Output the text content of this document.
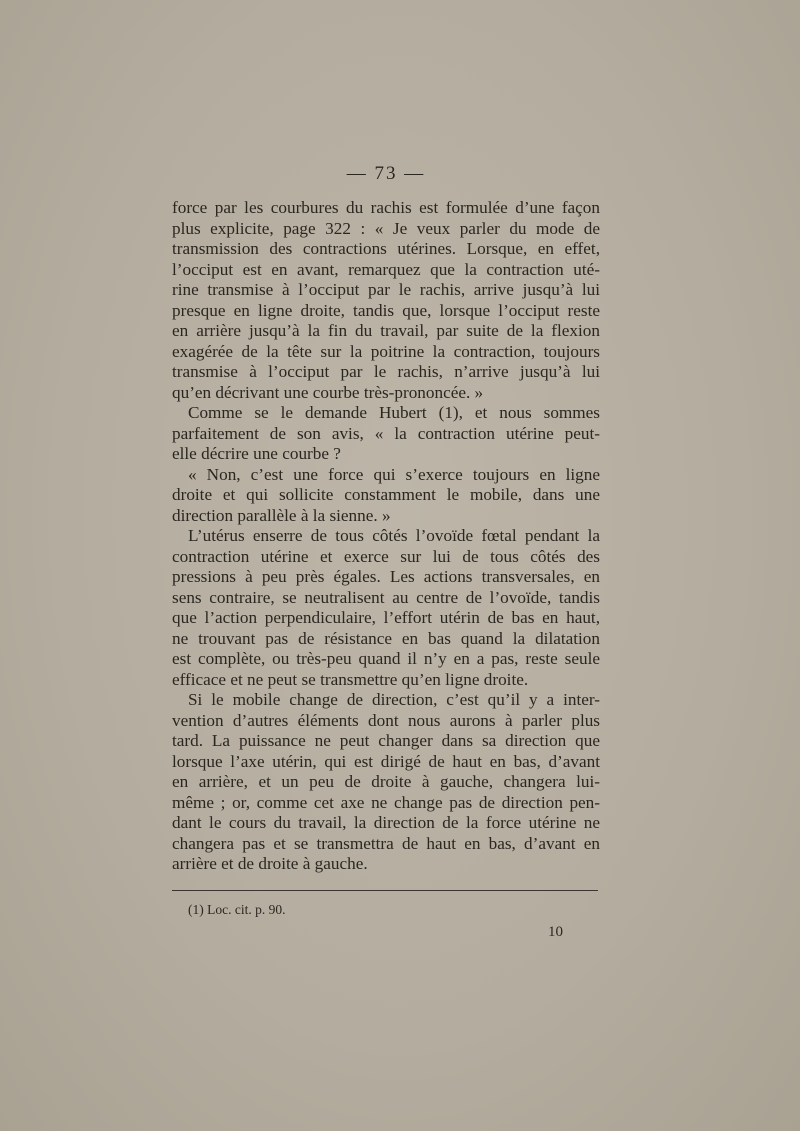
— 73 —
force par les courbures du rachis est formulée d’une façon
plus explicite, page 322 : « Je veux parler du mode de
transmission des contractions utérines. Lorsque, en effet,
l’occiput est en avant, remarquez que la contraction uté-
rine transmise à l’occiput par le rachis, arrive jusqu’à lui
presque en ligne droite, tandis que, lorsque l’occiput reste
en arrière jusqu’à la fin du travail, par suite de la flexion
exagérée de la tête sur la poitrine la contraction, toujours
transmise à l’occiput par le rachis, n’arrive jusqu’à lui
qu’en décrivant une courbe très-prononcée. »
Comme se le demande Hubert (1), et nous sommes
parfaitement de son avis, « la contraction utérine peut-
elle décrire une courbe ?
« Non, c’est une force qui s’exerce toujours en ligne
droite et qui sollicite constamment le mobile, dans une
direction parallèle à la sienne. »
L’utérus enserre de tous côtés l’ovoïde fœtal pendant la
contraction utérine et exerce sur lui de tous côtés des
pressions à peu près égales. Les actions transversales, en
sens contraire, se neutralisent au centre de l’ovoïde, tandis
que l’action perpendiculaire, l’effort utérin de bas en haut,
ne trouvant pas de résistance en bas quand la dilatation
est complète, ou très-peu quand il n’y en a pas, reste seule
efficace et ne peut se transmettre qu’en ligne droite.
Si le mobile change de direction, c’est qu’il y a inter-
vention d’autres éléments dont nous aurons à parler plus
tard. La puissance ne peut changer dans sa direction que
lorsque l’axe utérin, qui est dirigé de haut en bas, d’avant
en arrière, et un peu de droite à gauche, changera lui-
même ; or, comme cet axe ne change pas de direction pen-
dant le cours du travail, la direction de la force utérine ne
changera pas et se transmettra de haut en bas, d’avant en
arrière et de droite à gauche.
(1) Loc. cit. p. 90.
10
